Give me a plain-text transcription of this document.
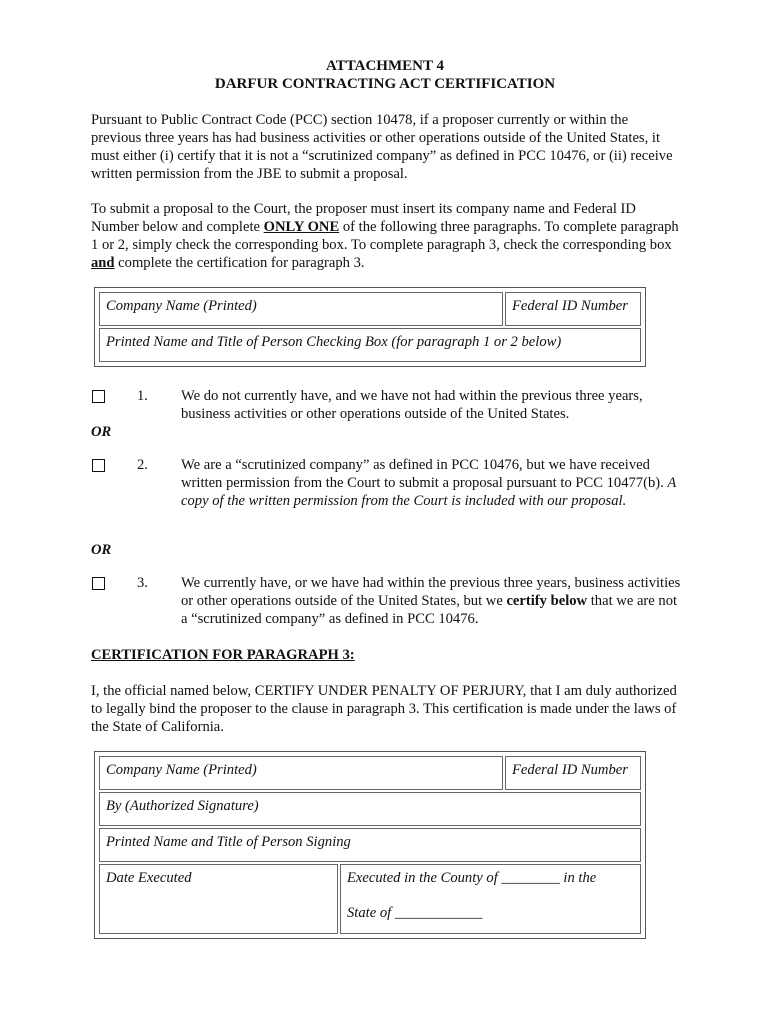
ATTACHMENT 4
DARFUR CONTRACTING ACT CERTIFICATION
Pursuant to Public Contract Code (PCC) section 10478, if a proposer currently or within the previous three years has had business activities or other operations outside of the United States, it must either (i) certify that it is not a “scrutinized company” as defined in PCC 10476, or (ii) receive written permission from the JBE to submit a proposal.
To submit a proposal to the Court, the proposer must insert its company name and Federal ID Number below and complete ONLY ONE of the following three paragraphs. To complete paragraph 1 or 2, simply check the corresponding box. To complete paragraph 3, check the corresponding box and complete the certification for paragraph 3.
Company Name (Printed)	Federal ID Number
Printed Name and Title of Person Checking Box (for paragraph 1 or 2 below)
1. We do not currently have, and we have not had within the previous three years, business activities or other operations outside of the United States.
OR
2. We are a “scrutinized company” as defined in PCC 10476, but we have received written permission from the Court to submit a proposal pursuant to PCC 10477(b). A copy of the written permission from the Court is included with our proposal.
OR
3. We currently have, or we have had within the previous three years, business activities or other operations outside of the United States, but we certify below that we are not a “scrutinized company” as defined in PCC 10476.
CERTIFICATION FOR PARAGRAPH 3:
I, the official named below, CERTIFY UNDER PENALTY OF PERJURY, that I am duly authorized to legally bind the proposer to the clause in paragraph 3. This certification is made under the laws of the State of California.
Company Name (Printed)	Federal ID Number
By (Authorized Signature)
Printed Name and Title of Person Signing
Date Executed	Executed in the County of ________ in the
State of ____________
